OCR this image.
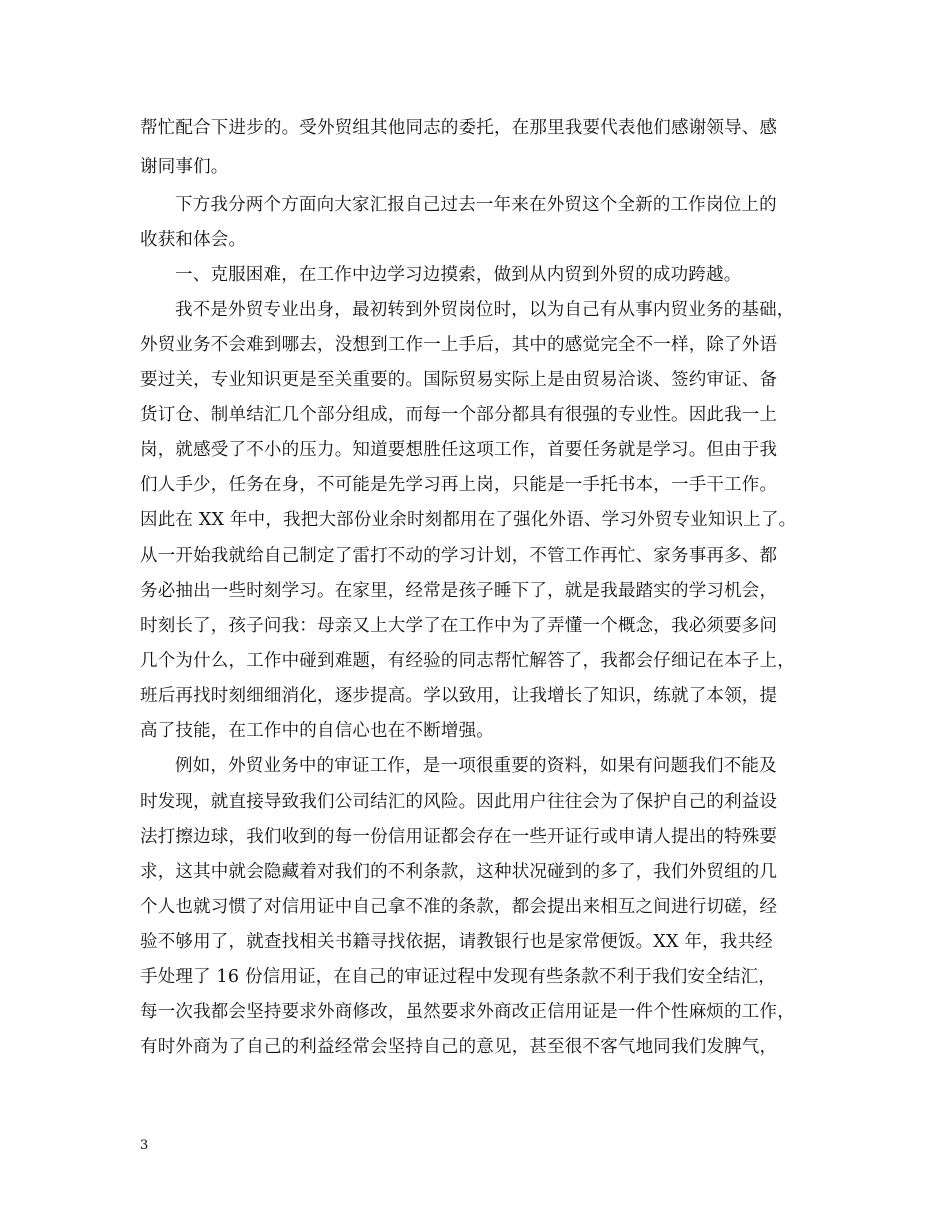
帮忙配合下进步的。受外贸组其他同志的委托，在那里我要代表他们感谢领导、感
谢同事们。
下方我分两个方面向大家汇报自己过去一年来在外贸这个全新的工作岗位上的
收获和体会。
一、克服困难，在工作中边学习边摸索，做到从内贸到外贸的成功跨越。
我不是外贸专业出身，最初转到外贸岗位时，以为自己有从事内贸业务的基础，
外贸业务不会难到哪去，没想到工作一上手后，其中的感觉完全不一样，除了外语
要过关，专业知识更是至关重要的。国际贸易实际上是由贸易洽谈、签约审证、备
货订仓、制单结汇几个部分组成，而每一个部分都具有很强的专业性。因此我一上
岗，就感受了不小的压力。知道要想胜任这项工作，首要任务就是学习。但由于我
们人手少，任务在身，不可能是先学习再上岗，只能是一手托书本，一手干工作。
因此在 XX 年中，我把大部份业余时刻都用在了强化外语、学习外贸专业知识上了。
从一开始我就给自己制定了雷打不动的学习计划，不管工作再忙、家务事再多、都
务必抽出一些时刻学习。在家里，经常是孩子睡下了，就是我最踏实的学习机会，
时刻长了，孩子问我：母亲又上大学了在工作中为了弄懂一个概念，我必须要多问
几个为什么，工作中碰到难题，有经验的同志帮忙解答了，我都会仔细记在本子上，
班后再找时刻细细消化，逐步提高。学以致用，让我增长了知识，练就了本领，提
高了技能，在工作中的自信心也在不断增强。
例如，外贸业务中的审证工作，是一项很重要的资料，如果有问题我们不能及
时发现，就直接导致我们公司结汇的风险。因此用户往往会为了保护自己的利益设
法打擦边球，我们收到的每一份信用证都会存在一些开证行或申请人提出的特殊要
求，这其中就会隐藏着对我们的不利条款，这种状况碰到的多了，我们外贸组的几
个人也就习惯了对信用证中自己拿不准的条款，都会提出来相互之间进行切磋，经
验不够用了，就查找相关书籍寻找依据，请教银行也是家常便饭。XX 年，我共经
手处理了 16 份信用证，在自己的审证过程中发现有些条款不利于我们安全结汇，
每一次我都会坚持要求外商修改，虽然要求外商改正信用证是一件个性麻烦的工作，
有时外商为了自己的利益经常会坚持自己的意见，甚至很不客气地同我们发脾气，
3
